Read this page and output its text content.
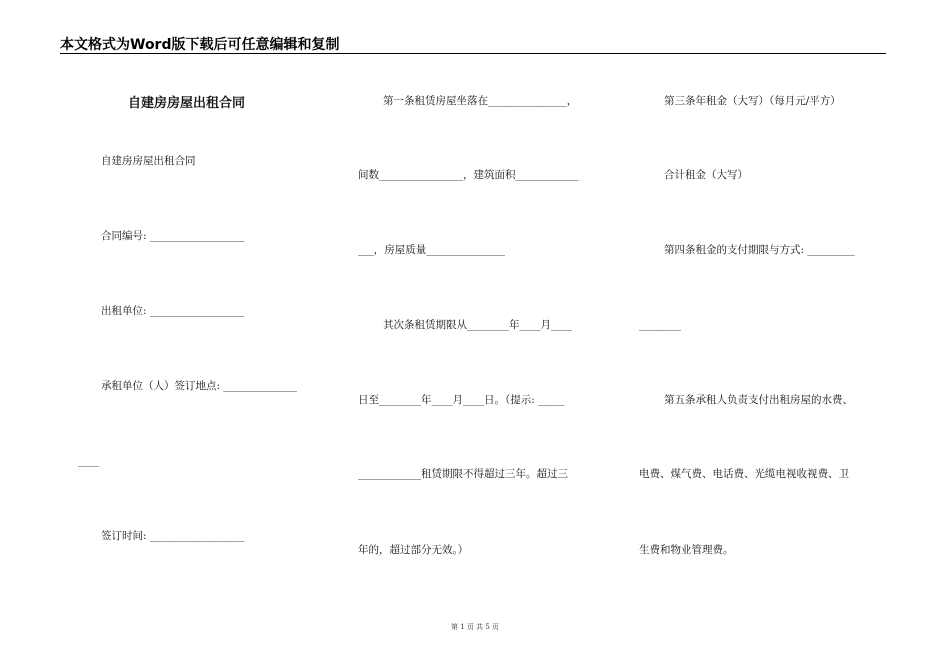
本文格式为Word版下载后可任意编辑和复制
自建房房屋出租合同
自建房房屋出租合同
合同编号: __________________
出租单位: __________________
承租单位（人）签订地点: ______________
____
签订时间: __________________
第一条租赁房屋坐落在_______________，
间数________________，建筑面积____________
___，房屋质量_______________
其次条租赁期限从________年____月____
日至________年____月____日。（提示: _____
____________租赁期限不得超过三年。超过三
年的，超过部分无效。）
第三条年租金（大写）（每月元/平方）
合计租金（大写）
第四条租金的支付期限与方式: _________
________
第五条承租人负责支付出租房屋的水费、
电费、煤气费、电话费、光缆电视收视费、卫
生费和物业管理费。
第 1 页 共 5 页
